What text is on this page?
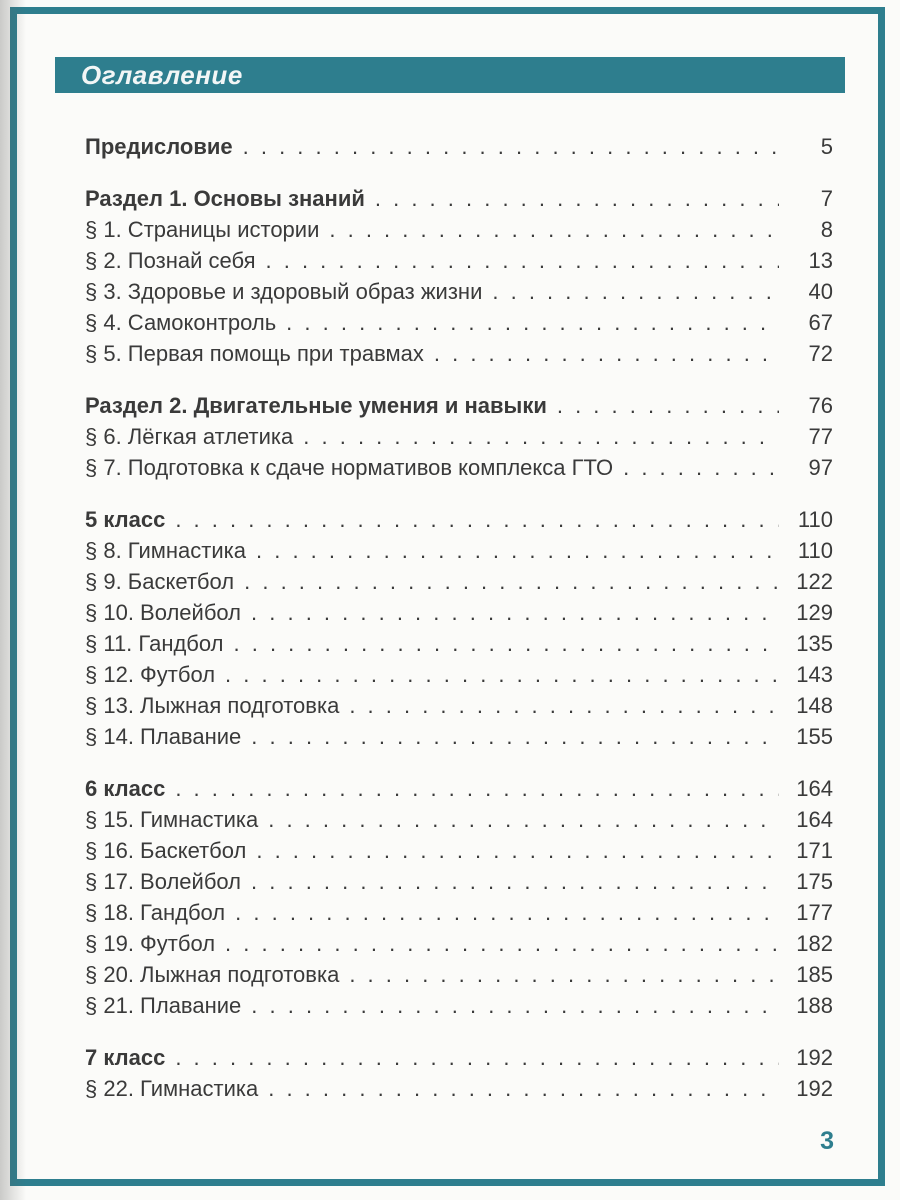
Оглавление
Предисловие . . .	5
Раздел 1. Основы знаний . . .	7
§ 1. Страницы истории . . .	8
§ 2. Познай себя . . .	13
§ 3. Здоровье и здоровый образ жизни . . .	40
§ 4. Самоконтроль . . .	67
§ 5. Первая помощь при травмах . . .	72
Раздел 2. Двигательные умения и навыки . . .	76
§ 6. Лёгкая атлетика . . .	77
§ 7. Подготовка к сдаче нормативов комплекса ГТО . . .	97
5 класс . . .	110
§ 8. Гимнастика . . .	110
§ 9. Баскетбол . . .	122
§ 10. Волейбол . . .	129
§ 11. Гандбол . . .	135
§ 12. Футбол . . .	143
§ 13. Лыжная подготовка . . .	148
§ 14. Плавание . . .	155
6 класс . . .	164
§ 15. Гимнастика . . .	164
§ 16. Баскетбол . . .	171
§ 17. Волейбол . . .	175
§ 18. Гандбол . . .	177
§ 19. Футбол . . .	182
§ 20. Лыжная подготовка . . .	185
§ 21. Плавание . . .	188
7 класс . . .	192
§ 22. Гимнастика . . .	192
3
